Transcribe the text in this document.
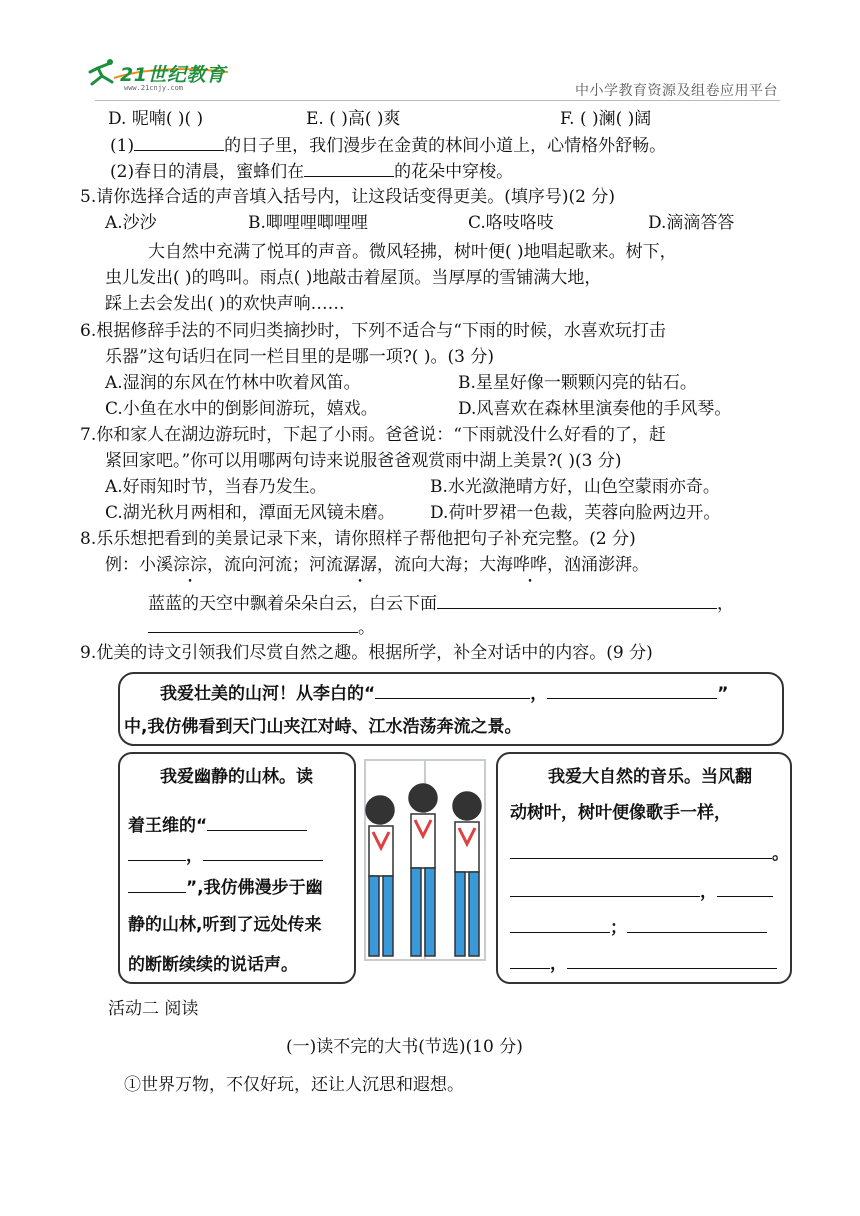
21世纪教育
www.21cnjy.com	中小学教育资源及组卷应用平台
D. 呢喃( )( )	E. ( )高( )爽	F. ( )澜( )阔
(1)	的日子里，我们漫步在金黄的林间小道上，心情格外舒畅。
(2)春日的清晨，蜜蜂们在	的花朵中穿梭。
5.请你选择合适的声音填入括号内，让这段话变得更美。(填序号)(2 分)
A.沙沙	B.唧哩哩唧哩哩	C.咯吱咯吱	D.滴滴答答
大自然中充满了悦耳的声音。微风轻拂，树叶便( )地唱起歌来。树下，
虫儿发出( )的鸣叫。雨点( )地敲击着屋顶。当厚厚的雪铺满大地，
踩上去会发出( )的欢快声响……
6.根据修辞手法的不同归类摘抄时，下列不适合与“下雨的时候，水喜欢玩打击
乐器”这句话归在同一栏目里的是哪一项?( )。(3 分)
A.湿润的东风在竹林中吹着风笛。	B.星星好像一颗颗闪亮的钻石。
C.小鱼在水中的倒影间游玩，嬉戏。	D.风喜欢在森林里演奏他的手风琴。
7.你和家人在湖边游玩时，下起了小雨。爸爸说：“下雨就没什么好看的了，赶
紧回家吧。”你可以用哪两句诗来说服爸爸观赏雨中湖上美景?( )(3 分)
A.好雨知时节，当春乃发生。	B.水光潋滟晴方好，山色空蒙雨亦奇。
C.湖光秋月两相和，潭面无风镜未磨。 D.荷叶罗裙一色裁，芙蓉向脸两边开。
8.乐乐想把看到的美景记录下来，请你照样子帮他把句子补充完整。(2 分)
例：小溪淙淙，流向河流；河流潺潺，流向大海；大海哗哗，汹涌澎湃。
蓝蓝的天空中飘着朵朵白云，白云下面	，
。
9.优美的诗文引领我们尽赏自然之趣。根据所学，补全对话中的内容。(9 分)
我爱壮美的山河！从李白的“	，	”
中,我仿佛看到天门山夹江对峙、江水浩荡奔流之景。
我爱幽静的山林。读
着王维的“
，
”,我仿佛漫步于幽
静的山林,听到了远处传来
的断断续续的说话声。
我爱大自然的音乐。当风翻
动树叶，树叶便像歌手一样，
。
，
；
，
活动二 阅读
(一)读不完的大书(节选)(10 分)
①世界万物，不仅好玩，还让人沉思和遐想。
